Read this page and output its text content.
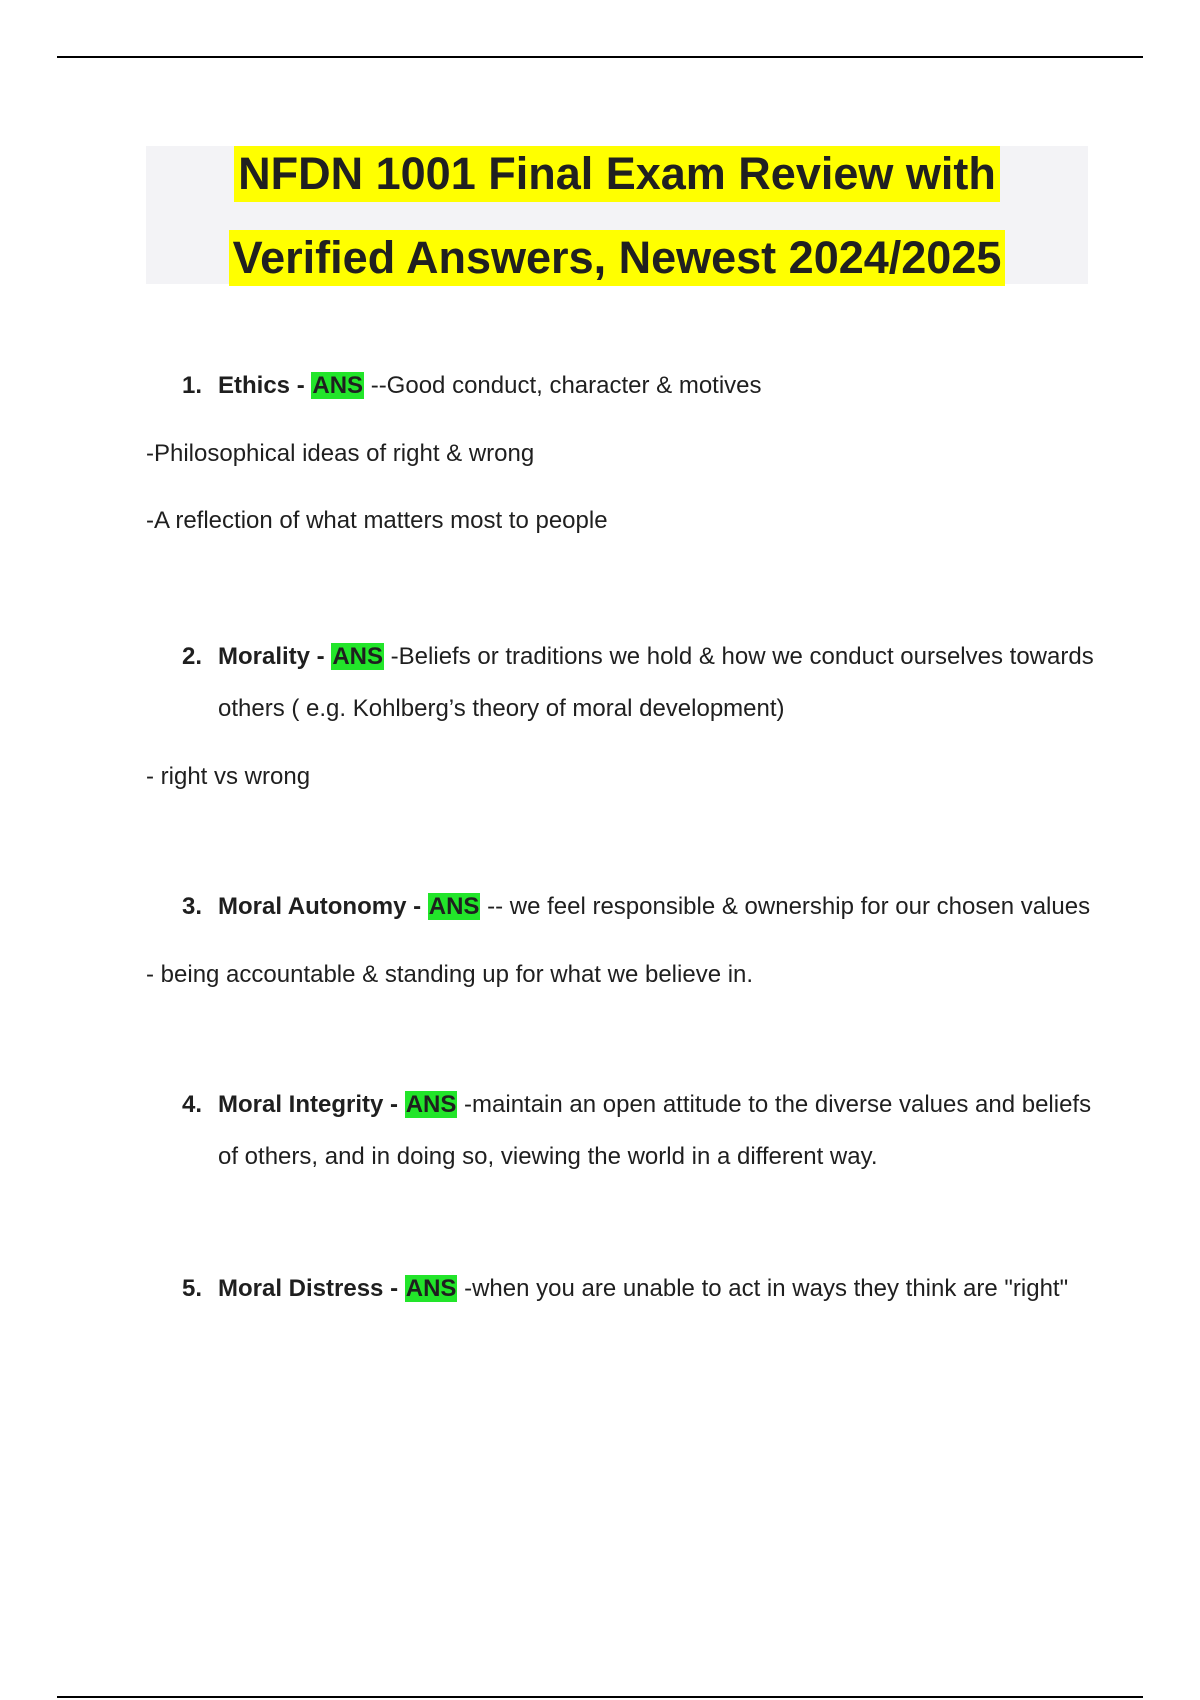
NFDN 1001 Final Exam Review with
Verified Answers, Newest 2024/2025
1. Ethics - ANS --Good conduct, character & motives
-Philosophical ideas of right & wrong
-A reflection of what matters most to people
2. Morality - ANS -Beliefs or traditions we hold & how we conduct ourselves towards others ( e.g. Kohlberg’s theory of moral development)
- right vs wrong
3. Moral Autonomy - ANS -- we feel responsible & ownership for our chosen values
- being accountable & standing up for what we believe in.
4. Moral Integrity - ANS -maintain an open attitude to the diverse values and beliefs of others, and in doing so, viewing the world in a different way.
5. Moral Distress - ANS -when you are unable to act in ways they think are "right"
